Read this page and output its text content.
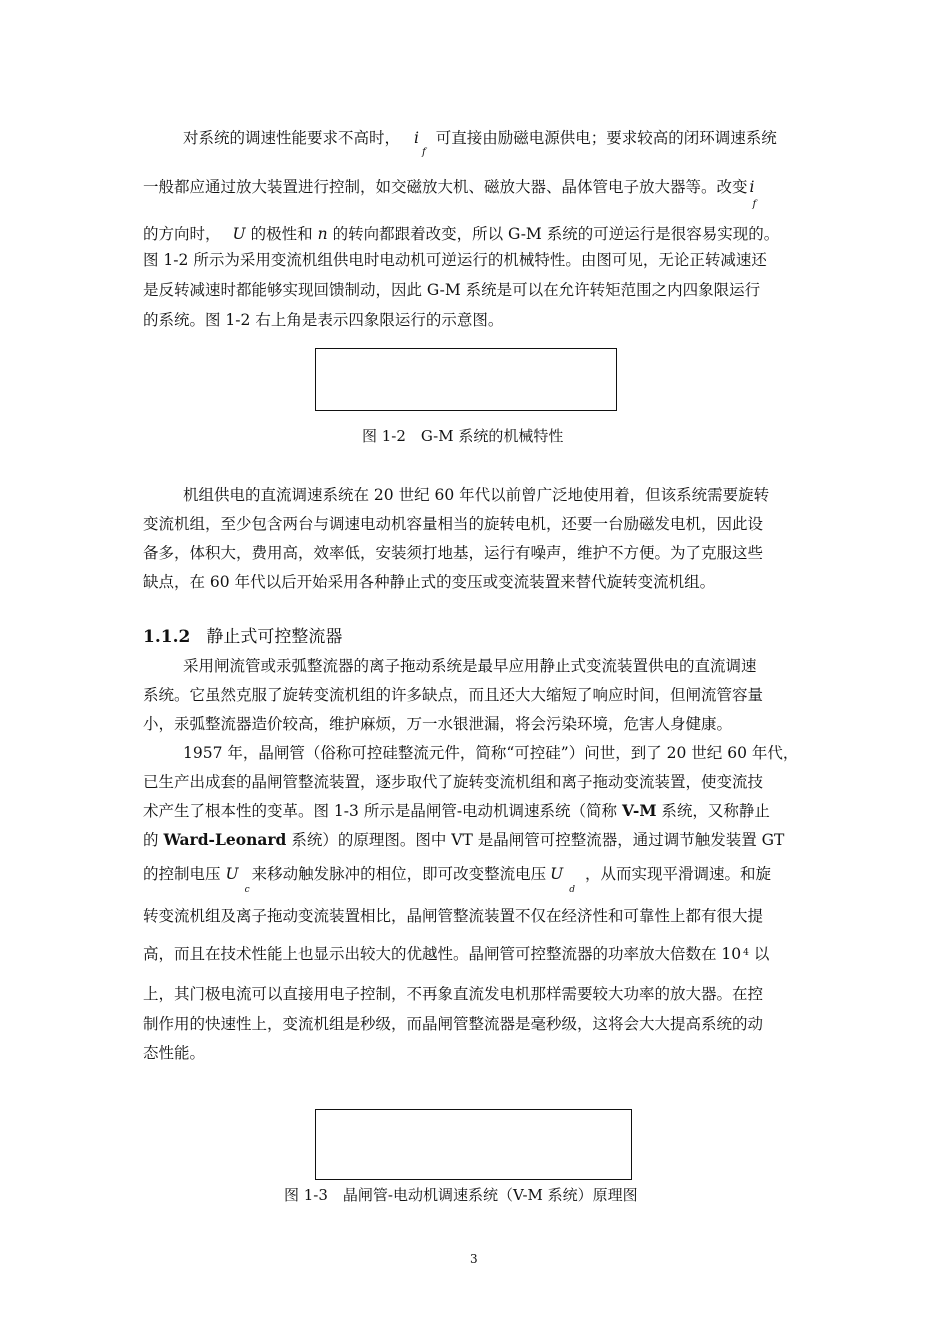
对系统的调速性能要求不高时， $i_f$可直接由励磁电源供电；要求较高的闭环调速系统
一般都应通过放大装置进行控制，如交磁放大机、磁放大器、晶体管电子放大器等。改变 $i_f$
的方向时， U 的极性和 n 的转向都跟着改变，所以 G-M 系统的可逆运行是很容易实现的。
图 1-2 所示为采用变流机组供电时电动机可逆运行的机械特性。由图可见，无论正转减速还
是反转减速时都能够实现回馈制动，因此 G-M 系统是可以在允许转矩范围之内四象限运行
的系统。图 1-2 右上角是表示四象限运行的示意图。
图 1-2　G-M 系统的机械特性
机组供电的直流调速系统在 20 世纪 60 年代以前曾广泛地使用着，但该系统需要旋转
变流机组，至少包含两台与调速电动机容量相当的旋转电机，还要一台励磁发电机，因此设
备多，体积大，费用高，效率低，安装须打地基，运行有噪声，维护不方便。为了克服这些
缺点，在 60 年代以后开始采用各种静止式的变压或变流装置来替代旋转变流机组。
1.1.2 静止式可控整流器
采用闸流管或汞弧整流器的离子拖动系统是最早应用静止式变流装置供电的直流调速
系统。它虽然克服了旋转变流机组的许多缺点，而且还大大缩短了响应时间，但闸流管容量
小，汞弧整流器造价较高，维护麻烦，万一水银泄漏，将会污染环境，危害人身健康。
1957 年，晶闸管（俗称可控硅整流元件，简称“可控硅”）问世，到了 20 世纪 60 年代，
已生产出成套的晶闸管整流装置，逐步取代了旋转变流机组和离子拖动变流装置，使变流技
术产生了根本性的变革。图 1-3 所示是晶闸管-电动机调速系统（简称 V-M 系统，又称静止
的 Ward-Leonard 系统）的原理图。图中 VT 是晶闸管可控整流器，通过调节触发装置 GT
的控制电压 $U_c$来移动触发脉冲的相位，即可改变整流电压 $U_d$，从而实现平滑调速。和旋
转变流机组及离子拖动变流装置相比，晶闸管整流装置不仅在经济性和可靠性上都有很大提
高，而且在技术性能上也显示出较大的优越性。晶闸管可控整流器的功率放大倍数在 10 $^4$ 以
上，其门极电流可以直接用电子控制，不再象直流发电机那样需要较大功率的放大器。在控
制作用的快速性上，变流机组是秒级，而晶闸管整流器是毫秒级，这将会大大提高系统的动
态性能。
图 1-3　晶闸管-电动机调速系统（V-M 系统）原理图
3
